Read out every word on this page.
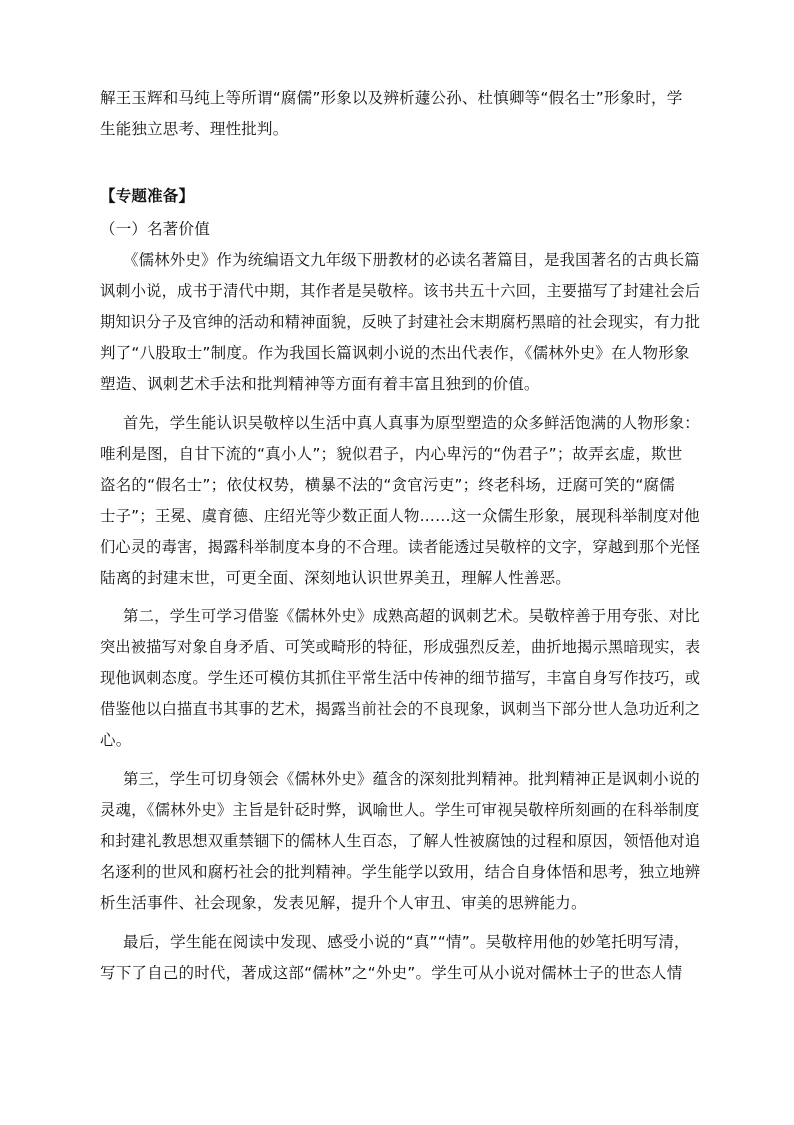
解王玉辉和马纯上等所谓“腐儒”形象以及辨析蘧公孙、杜慎卿等“假名士”形象时，学
生能独立思考、理性批判。
【专题准备】
（一）名著价值
《儒林外史》作为统编语文九年级下册教材的必读名著篇目，是我国著名的古典长篇
讽刺小说，成书于清代中期，其作者是吴敬梓。该书共五十六回，主要描写了封建社会后
期知识分子及官绅的活动和精神面貌，反映了封建社会末期腐朽黑暗的社会现实，有力批
判了“八股取士”制度。作为我国长篇讽刺小说的杰出代表作，《儒林外史》在人物形象
塑造、讽刺艺术手法和批判精神等方面有着丰富且独到的价值。
首先，学生能认识吴敬梓以生活中真人真事为原型塑造的众多鲜活饱满的人物形象：
唯利是图，自甘下流的“真小人”；貌似君子，内心卑污的“伪君子”；故弄玄虚，欺世
盗名的“假名士”；依仗权势，横暴不法的“贪官污吏”；终老科场，迂腐可笑的“腐儒
士子”；王冕、虞育德、庄绍光等少数正面人物……这一众儒生形象，展现科举制度对他
们心灵的毒害，揭露科举制度本身的不合理。读者能透过吴敬梓的文字，穿越到那个光怪
陆离的封建末世，可更全面、深刻地认识世界美丑，理解人性善恶。
第二，学生可学习借鉴《儒林外史》成熟高超的讽刺艺术。吴敬梓善于用夸张、对比
突出被描写对象自身矛盾、可笑或畸形的特征，形成强烈反差，曲折地揭示黑暗现实，表
现他讽刺态度。学生还可模仿其抓住平常生活中传神的细节描写，丰富自身写作技巧，或
借鉴他以白描直书其事的艺术，揭露当前社会的不良现象，讽刺当下部分世人急功近利之
心。
第三，学生可切身领会《儒林外史》蕴含的深刻批判精神。批判精神正是讽刺小说的
灵魂，《儒林外史》主旨是针砭时弊，讽喻世人。学生可审视吴敬梓所刻画的在科举制度
和封建礼教思想双重禁锢下的儒林人生百态，了解人性被腐蚀的过程和原因，领悟他对追
名逐利的世风和腐朽社会的批判精神。学生能学以致用，结合自身体悟和思考，独立地辨
析生活事件、社会现象，发表见解，提升个人审丑、审美的思辨能力。
最后，学生能在阅读中发现、感受小说的“真”“情”。吴敬梓用他的妙笔托明写清，
写下了自己的时代，著成这部“儒林”之“外史”。学生可从小说对儒林士子的世态人情
